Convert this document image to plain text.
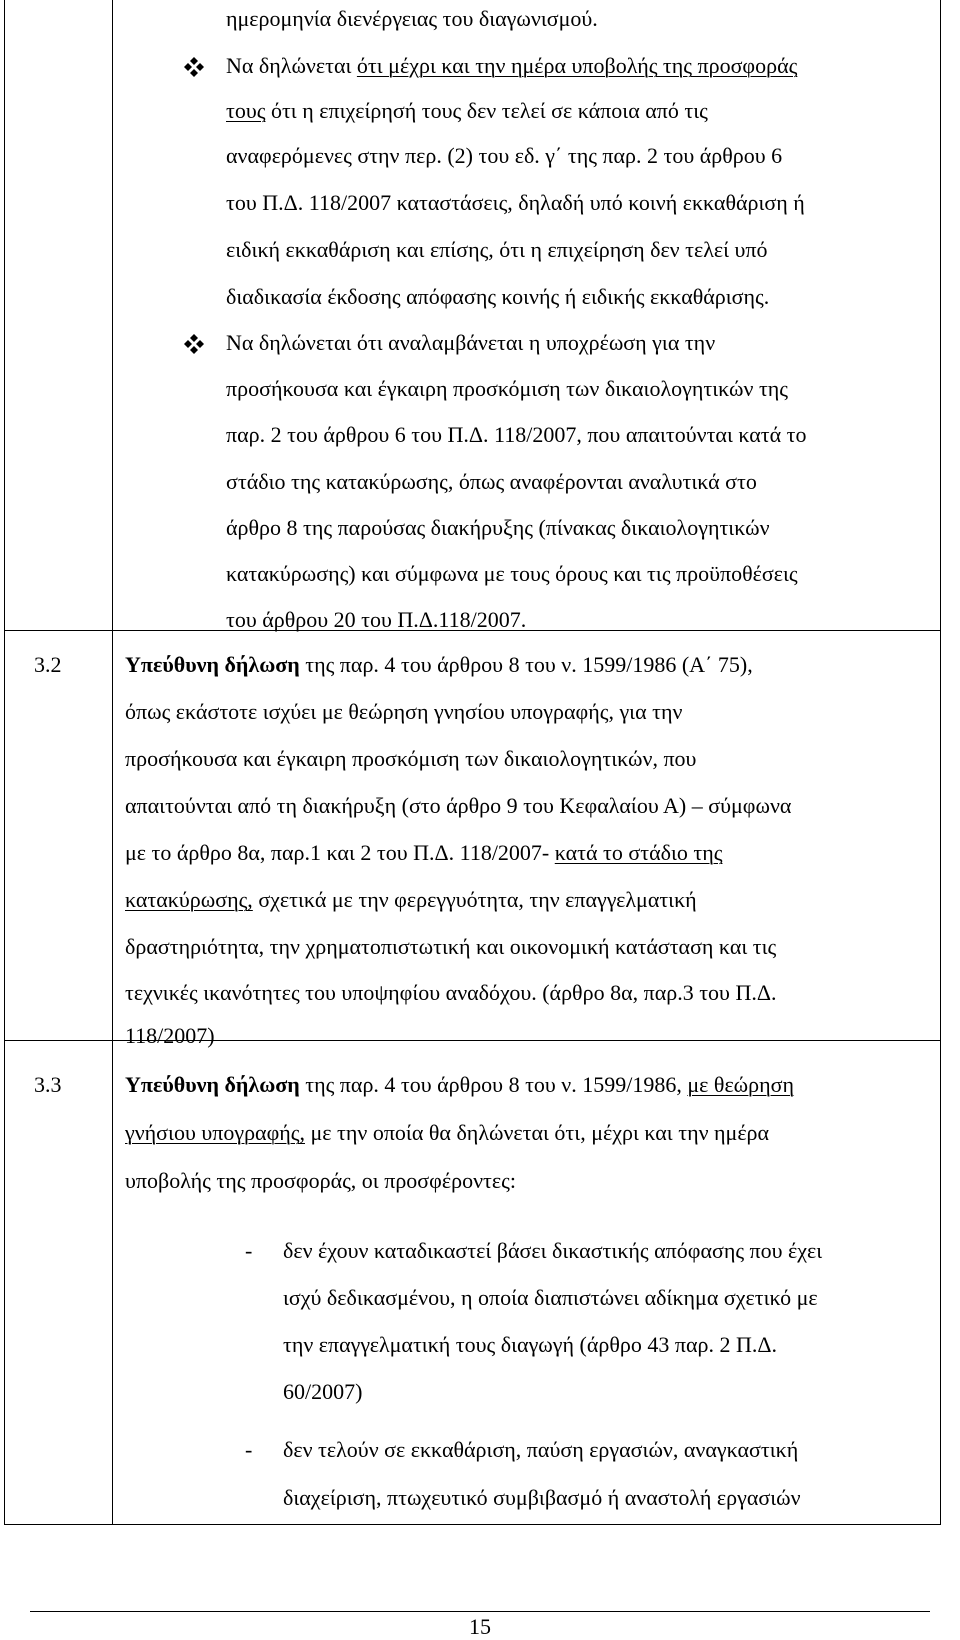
ημερομηνία διενέργειας του διαγωνισμού.
Να δηλώνεται ότι μέχρι και την ημέρα υποβολής της προσφοράς
τους ότι η επιχείρησή τους δεν τελεί σε κάποια από τις
αναφερόμενες στην περ. (2) του εδ. γ΄ της παρ. 2 του άρθρου 6
του Π.Δ. 118/2007 καταστάσεις, δηλαδή υπό κοινή εκκαθάριση ή
ειδική εκκαθάριση και επίσης, ότι η επιχείρηση δεν τελεί υπό
διαδικασία έκδοσης απόφασης κοινής ή ειδικής εκκαθάρισης.
Να δηλώνεται ότι αναλαμβάνεται η υποχρέωση για την
προσήκουσα και έγκαιρη προσκόμιση των δικαιολογητικών της
παρ. 2 του άρθρου 6 του Π.Δ. 118/2007, που απαιτούνται κατά το
στάδιο της κατακύρωσης, όπως αναφέρονται αναλυτικά στο
άρθρο 8 της παρούσας διακήρυξης (πίνακας δικαιολογητικών
κατακύρωσης) και σύμφωνα με τους όρους και τις προϋποθέσεις
του άρθρου 20 του Π.Δ.118/2007.
3.2	Υπεύθυνη δήλωση της παρ. 4 του άρθρου 8 του ν. 1599/1986 (Α΄ 75),
όπως εκάστοτε ισχύει με θεώρηση γνησίου υπογραφής, για την
προσήκουσα και έγκαιρη προσκόμιση των δικαιολογητικών, που
απαιτούνται από τη διακήρυξη (στο άρθρο 9 του Κεφαλαίου Α) – σύμφωνα
με το άρθρο 8α, παρ.1 και 2 του Π.Δ. 118/2007- κατά το στάδιο της
κατακύρωσης, σχετικά με την φερεγγυότητα, την επαγγελματική
δραστηριότητα, την χρηματοπιστωτική και οικονομική κατάσταση και τις
τεχνικές ικανότητες του υποψηφίου αναδόχου. (άρθρο 8α, παρ.3 του Π.Δ.
118/2007)
3.3	Υπεύθυνη δήλωση της παρ. 4 του άρθρου 8 του ν. 1599/1986, με θεώρηση
γνήσιου υπογραφής, με την οποία θα δηλώνεται ότι, μέχρι και την ημέρα
υποβολής της προσφοράς, οι προσφέροντες:
- δεν έχουν καταδικαστεί βάσει δικαστικής απόφασης που έχει
ισχύ δεδικασμένου, η οποία διαπιστώνει αδίκημα σχετικό με
την επαγγελματική τους διαγωγή (άρθρο 43 παρ. 2 Π.Δ.
60/2007)
- δεν τελούν σε εκκαθάριση, παύση εργασιών, αναγκαστική
διαχείριση, πτωχευτικό συμβιβασμό ή αναστολή εργασιών
15
